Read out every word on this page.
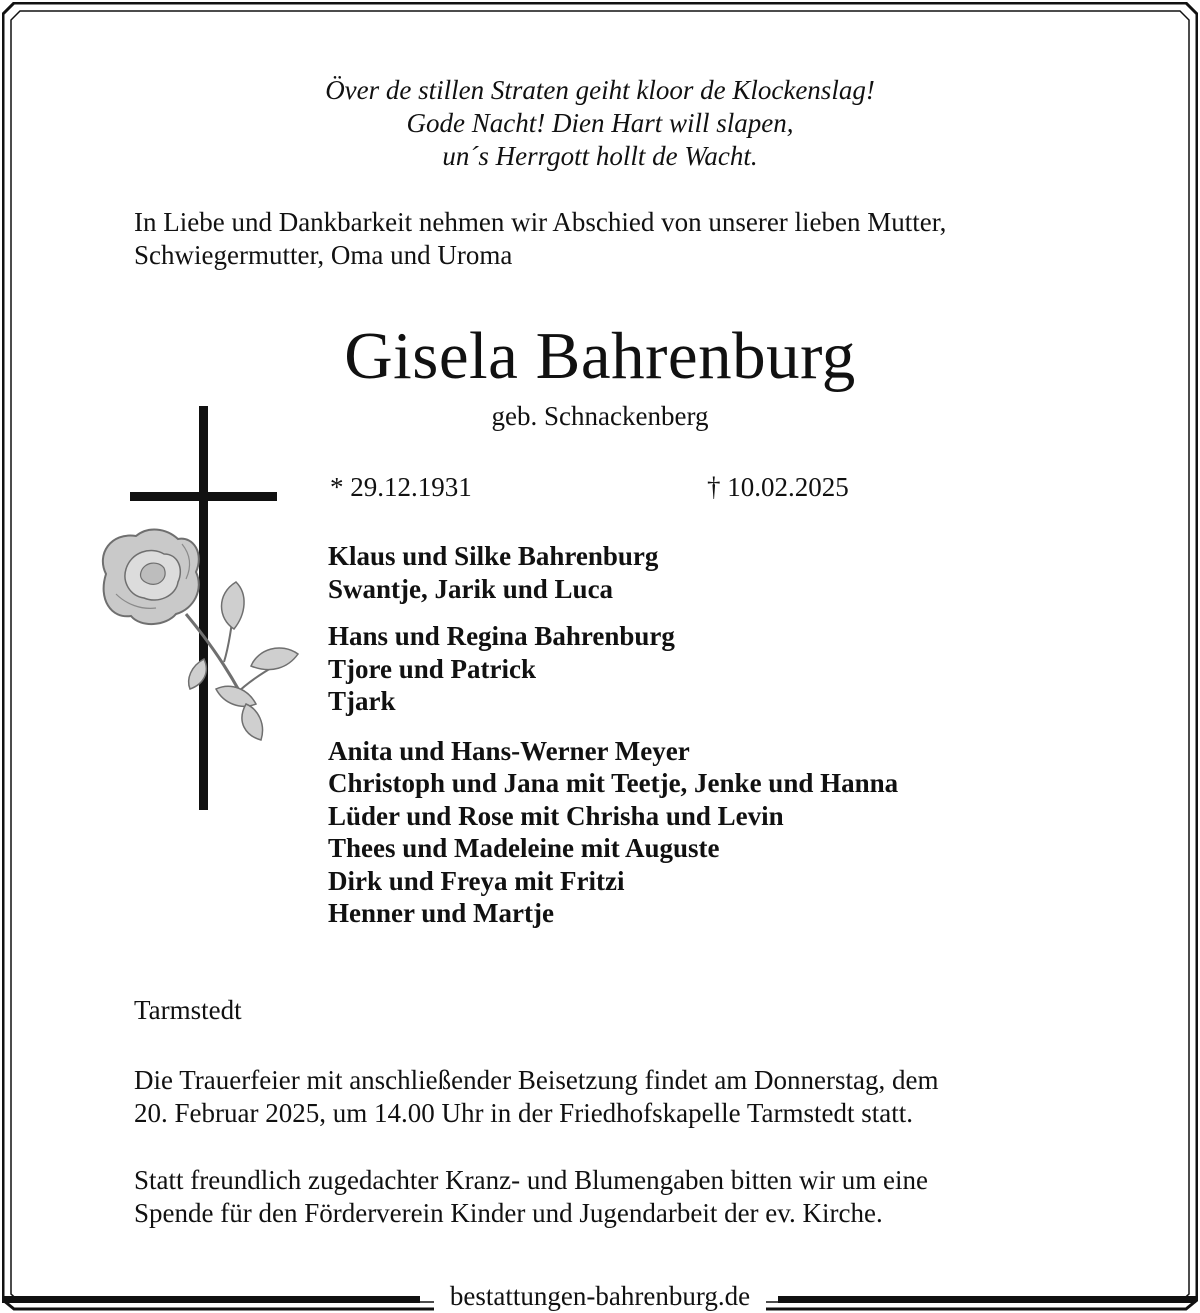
Över de stillen Straten geiht kloor de Klockenslag!
Gode Nacht! Dien Hart will slapen,
un´s Herrgott hollt de Wacht.
In Liebe und Dankbarkeit nehmen wir Abschied von unserer lieben Mutter,
Schwiegermutter, Oma und Uroma
Gisela Bahrenburg
geb. Schnackenberg
* 29.12.1931	† 10.02.2025
Klaus und Silke Bahrenburg
Swantje, Jarik und Luca
Hans und Regina Bahrenburg
Tjore und Patrick
Tjark
Anita und Hans-Werner Meyer
Christoph und Jana mit Teetje, Jenke und Hanna
Lüder und Rose mit Chrisha und Levin
Thees und Madeleine mit Auguste
Dirk und Freya mit Fritzi
Henner und Martje
Tarmstedt
Die Trauerfeier mit anschließender Beisetzung findet am Donnerstag, dem
20. Februar 2025, um 14.00 Uhr in der Friedhofskapelle Tarmstedt statt.
Statt freundlich zugedachter Kranz- und Blumengaben bitten wir um eine
Spende für den Förderverein Kinder und Jugendarbeit der ev. Kirche.
bestattungen-bahrenburg.de
